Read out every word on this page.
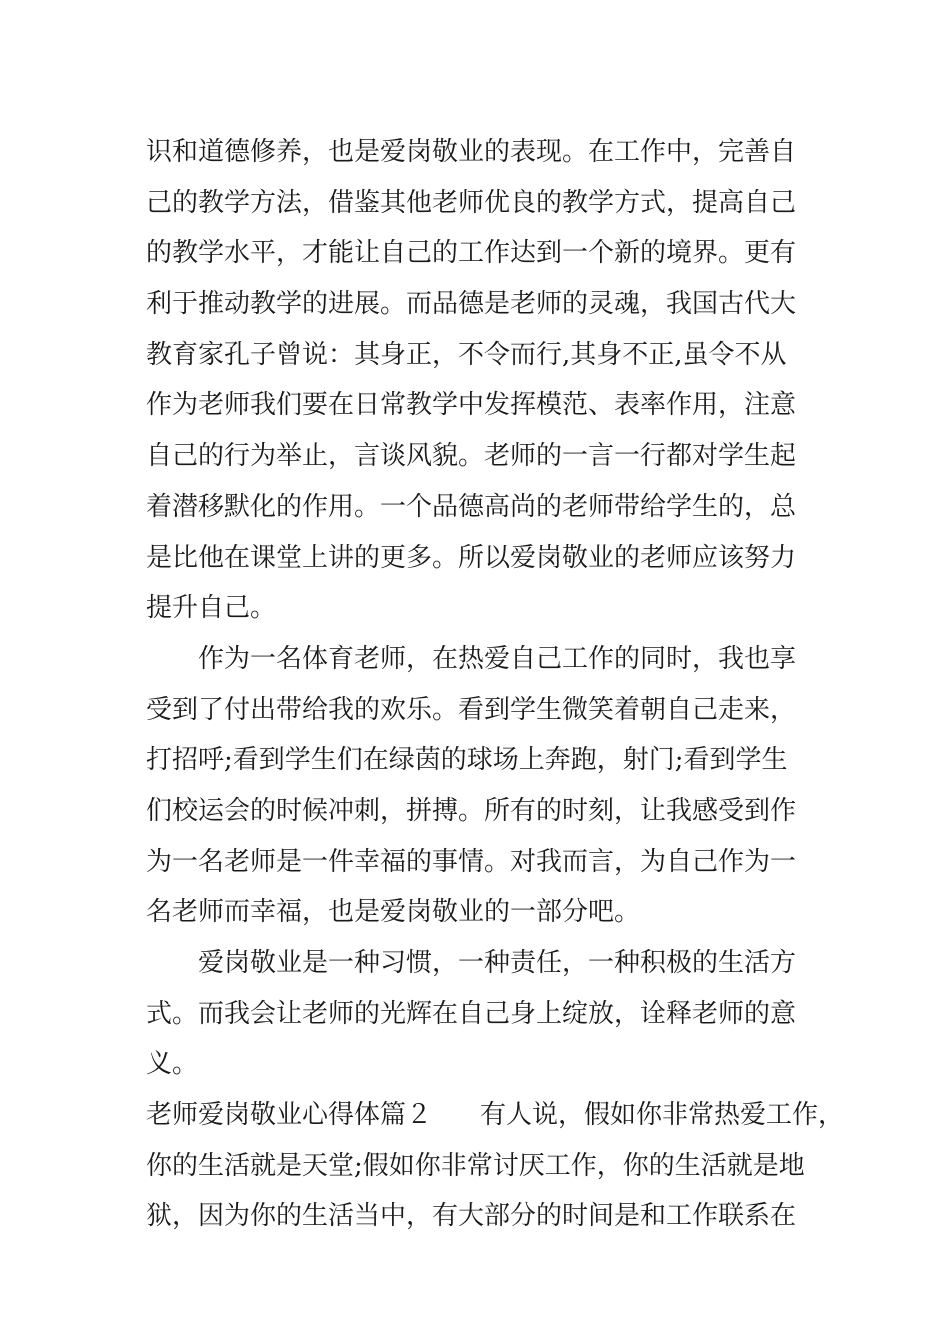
识和道德修养，也是爱岗敬业的表现。在工作中，完善自
己的教学方法，借鉴其他老师优良的教学方式，提高自己
的教学水平，才能让自己的工作达到一个新的境界。更有
利于推动教学的进展。而品德是老师的灵魂，我国古代大
教育家孔子曾说：其身正，不令而行,其身不正,虽令不从
作为老师我们要在日常教学中发挥模范、表率作用，注意
自己的行为举止，言谈风貌。老师的一言一行都对学生起
着潜移默化的作用。一个品德高尚的老师带给学生的，总
是比他在课堂上讲的更多。所以爱岗敬业的老师应该努力
提升自己。
作为一名体育老师，在热爱自己工作的同时，我也享
受到了付出带给我的欢乐。看到学生微笑着朝自己走来，
打招呼;看到学生们在绿茵的球场上奔跑，射门;看到学生
们校运会的时候冲刺，拼搏。所有的时刻，让我感受到作
为一名老师是一件幸福的事情。对我而言，为自己作为一
名老师而幸福，也是爱岗敬业的一部分吧。
爱岗敬业是一种习惯，一种责任，一种积极的生活方
式。而我会让老师的光辉在自己身上绽放，诠释老师的意
义。
老师爱岗敬业心得体篇２ 有人说，假如你非常热爱工作，
你的生活就是天堂;假如你非常讨厌工作，你的生活就是地
狱，因为你的生活当中，有大部分的时间是和工作联系在
